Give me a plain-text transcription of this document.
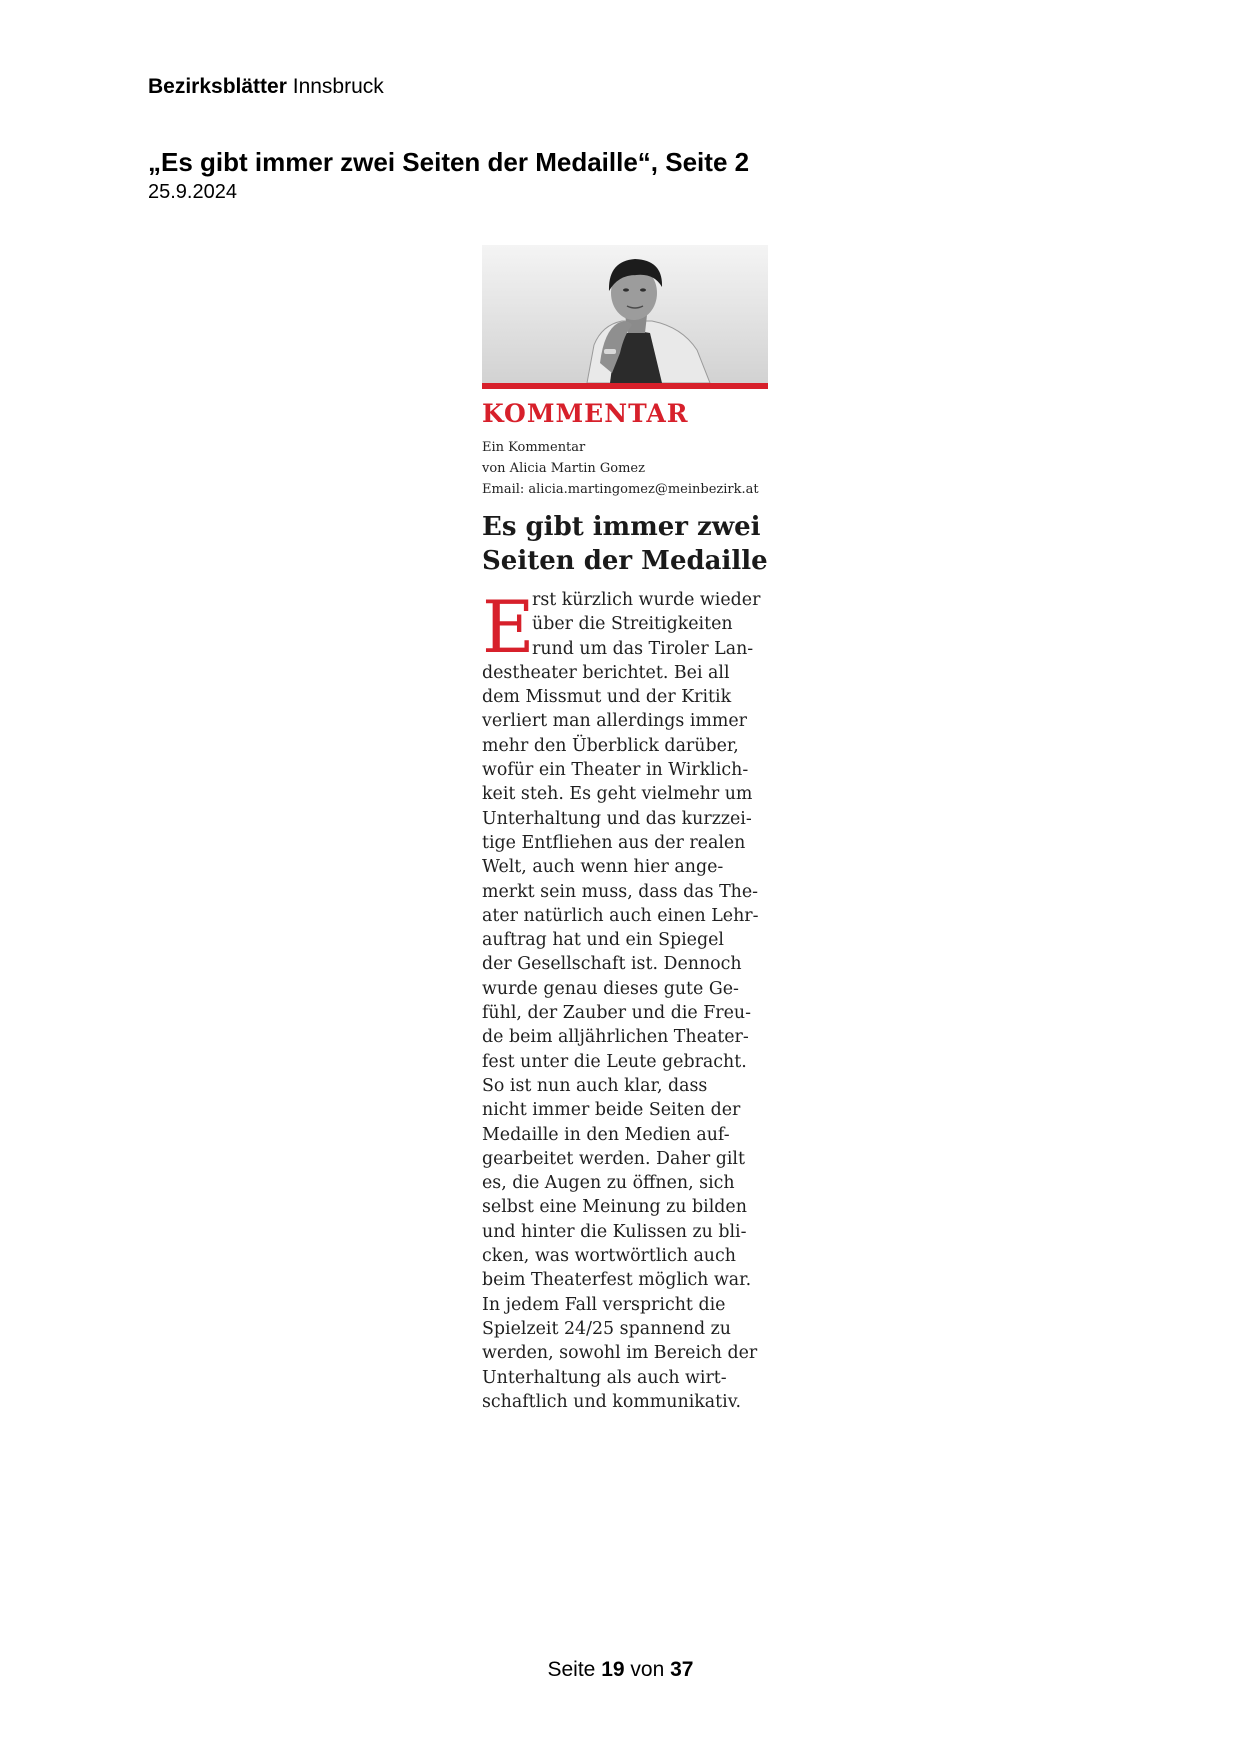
Bezirksblätter Innsbruck
„Es gibt immer zwei Seiten der Medaille“, Seite 2
25.9.2024
KOMMENTAR
Ein Kommentar
von Alicia Martin Gomez
Email: alicia.martingomez@meinbezirk.at
Es gibt immer zwei
Seiten der Medaille
E
rst kürzlich wurde wieder
über die Streitigkeiten
rund um das Tiroler Lan-
destheater berichtet. Bei all
dem Missmut und der Kritik
verliert man allerdings immer
mehr den Überblick darüber,
wofür ein Theater in Wirklich-
keit steh. Es geht vielmehr um
Unterhaltung und das kurzzei-
tige Entfliehen aus der realen
Welt, auch wenn hier ange-
merkt sein muss, dass das The-
ater natürlich auch einen Lehr-
auftrag hat und ein Spiegel
der Gesellschaft ist. Dennoch
wurde genau dieses gute Ge-
fühl, der Zauber und die Freu-
de beim alljährlichen Theater-
fest unter die Leute gebracht.
So ist nun auch klar, dass
nicht immer beide Seiten der
Medaille in den Medien auf-
gearbeitet werden. Daher gilt
es, die Augen zu öffnen, sich
selbst eine Meinung zu bilden
und hinter die Kulissen zu bli-
cken, was wortwörtlich auch
beim Theaterfest möglich war.
In jedem Fall verspricht die
Spielzeit 24/25 spannend zu
werden, sowohl im Bereich der
Unterhaltung als auch wirt-
schaftlich und kommunikativ.
Seite 19 von 37
